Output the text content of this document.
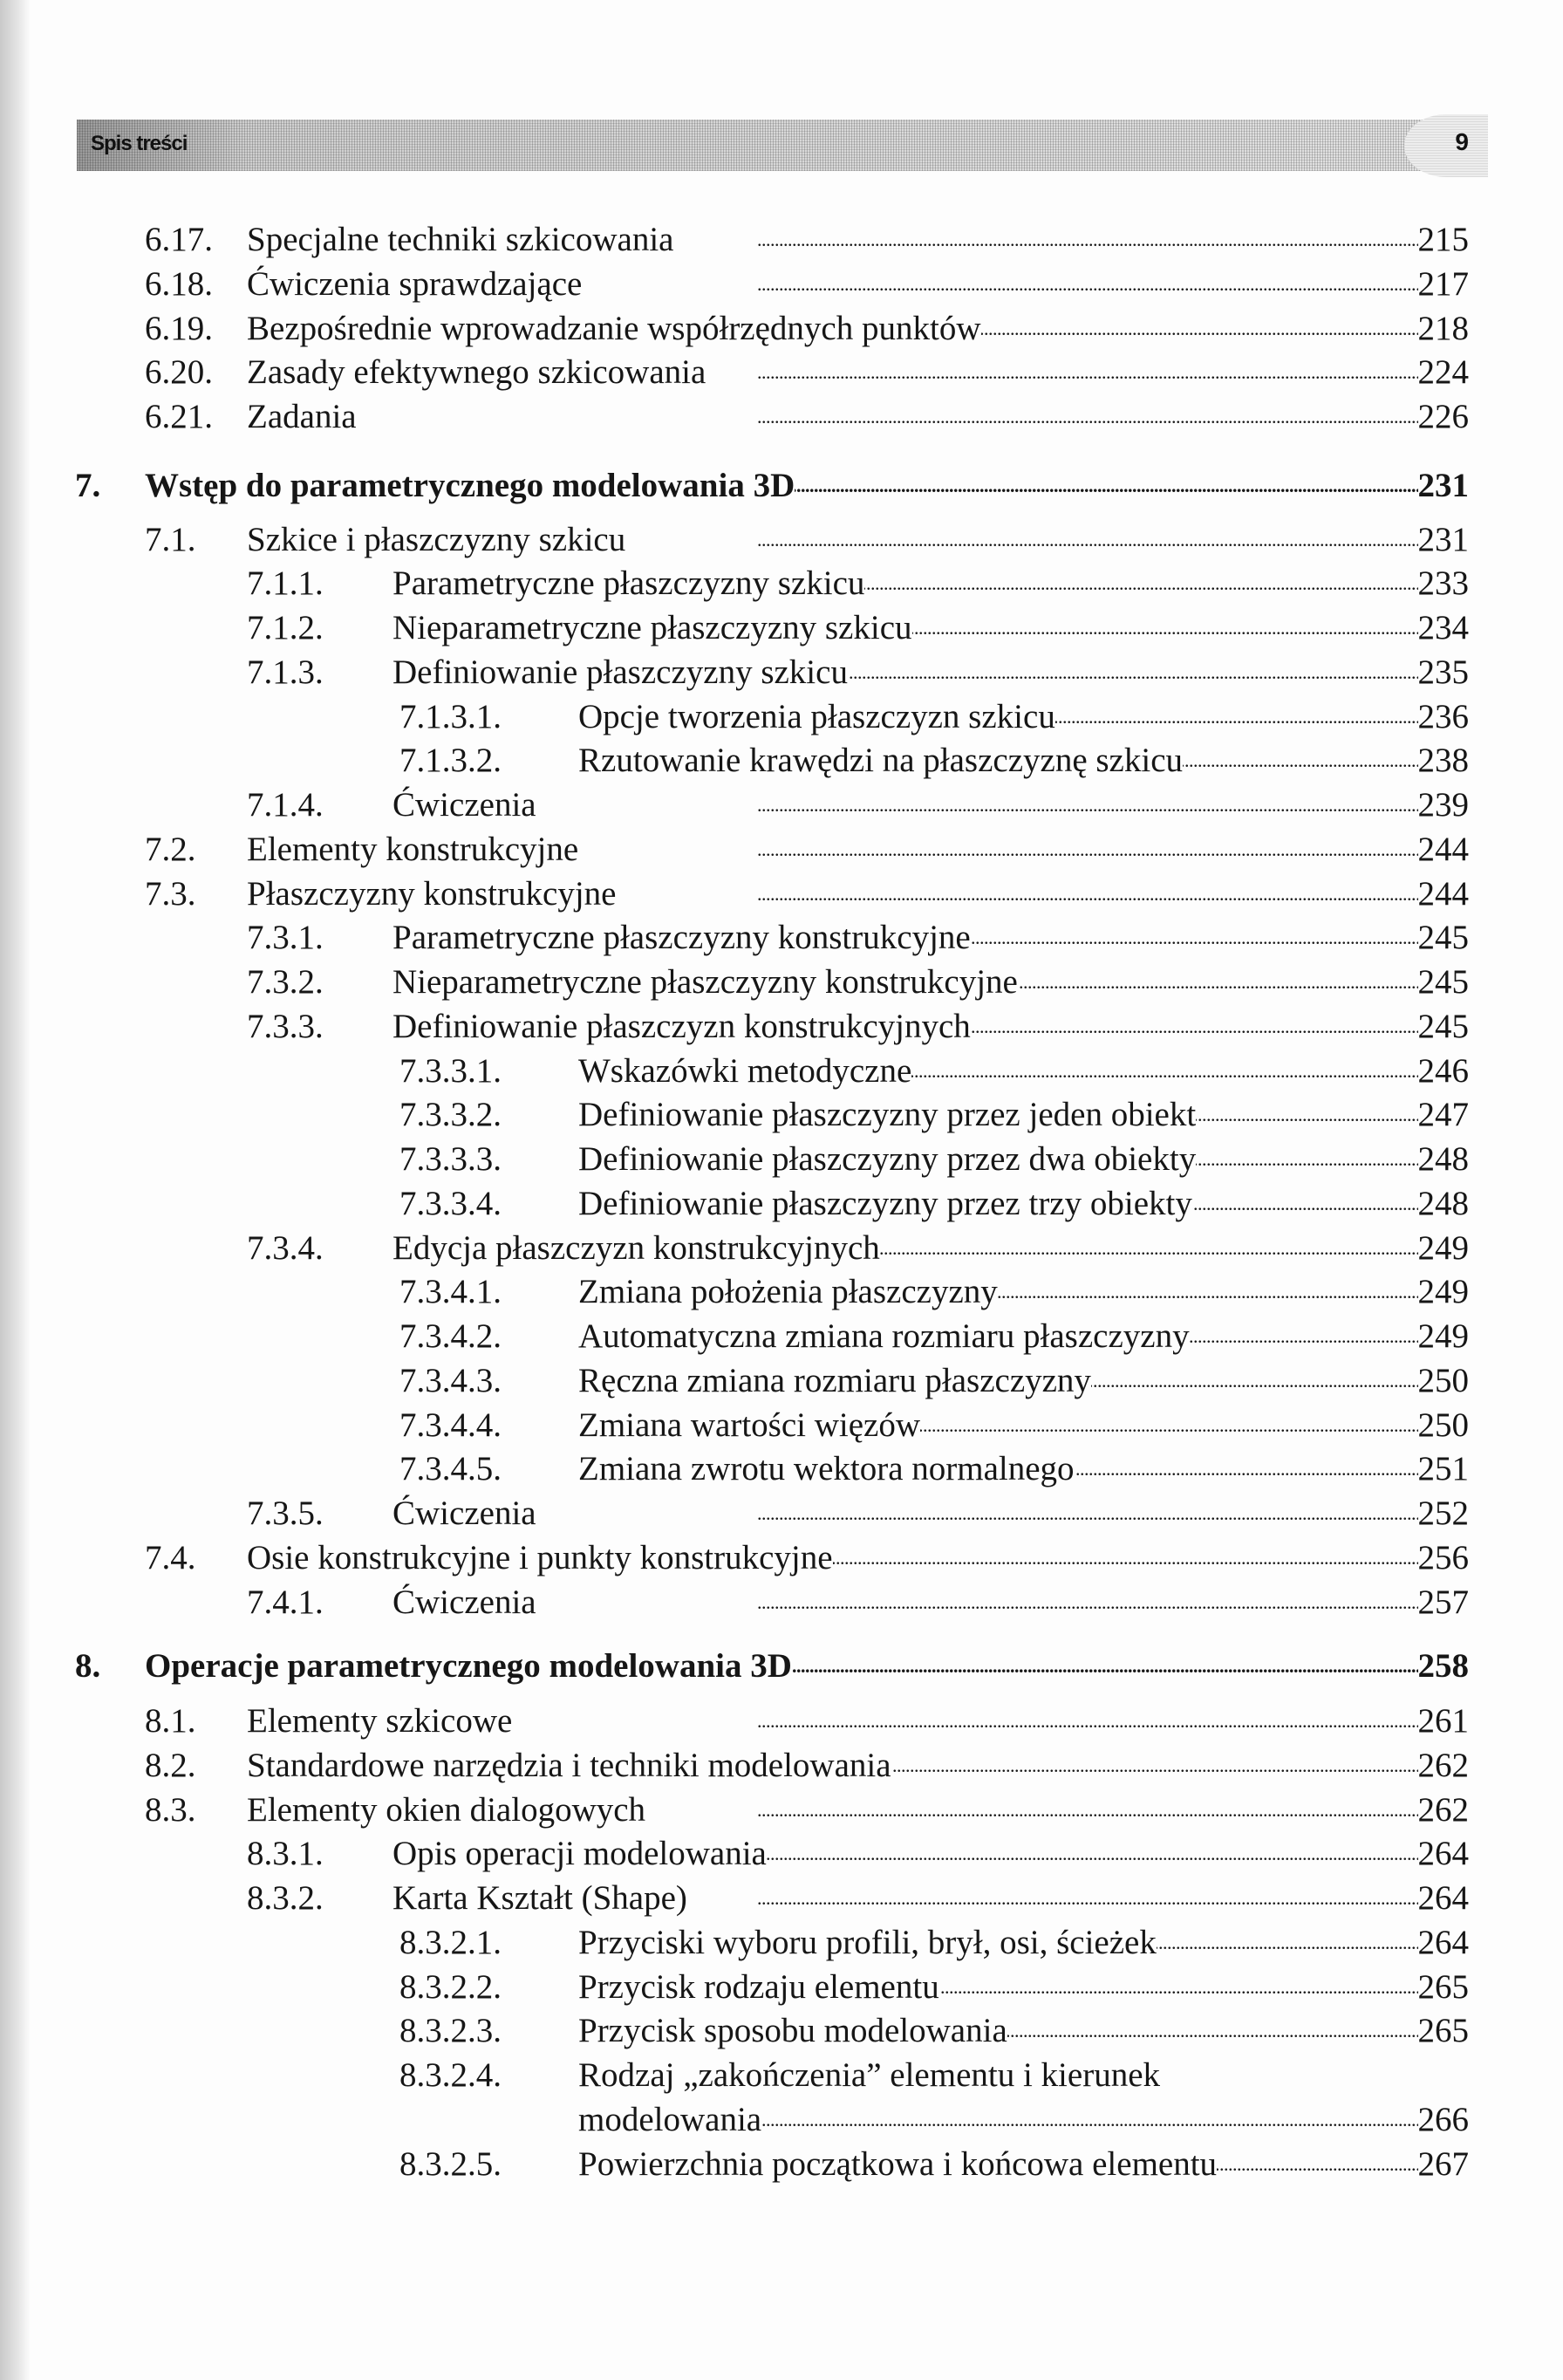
Spis treści	9
6.17. Specjalne techniki szkicowania . . .	215
6.18. Ćwiczenia sprawdzające . . .	217
6.19. Bezpośrednie wprowadzanie współrzędnych punktów . . .	218
6.20. Zasady efektywnego szkicowania . . .	224
6.21. Zadania . . .	226
7. Wstęp do parametrycznego modelowania 3D . . .	231
7.1. Szkice i płaszczyzny szkicu . . .	231
7.1.1. Parametryczne płaszczyzny szkicu . . .	233
7.1.2. Nieparametryczne płaszczyzny szkicu . . .	234
7.1.3. Definiowanie płaszczyzny szkicu . . .	235
7.1.3.1. Opcje tworzenia płaszczyzn szkicu . . .	236
7.1.3.2. Rzutowanie krawędzi na płaszczyznę szkicu . . .	238
7.1.4. Ćwiczenia . . .	239
7.2. Elementy konstrukcyjne . . .	244
7.3. Płaszczyzny konstrukcyjne . . .	244
7.3.1. Parametryczne płaszczyzny konstrukcyjne . . .	245
7.3.2. Nieparametryczne płaszczyzny konstrukcyjne . . .	245
7.3.3. Definiowanie płaszczyzn konstrukcyjnych . . .	245
7.3.3.1. Wskazówki metodyczne . . .	246
7.3.3.2. Definiowanie płaszczyzny przez jeden obiekt . . .	247
7.3.3.3. Definiowanie płaszczyzny przez dwa obiekty . . .	248
7.3.3.4. Definiowanie płaszczyzny przez trzy obiekty . . .	248
7.3.4. Edycja płaszczyzn konstrukcyjnych . . .	249
7.3.4.1. Zmiana położenia płaszczyzny . . .	249
7.3.4.2. Automatyczna zmiana rozmiaru płaszczyzny . . .	249
7.3.4.3. Ręczna zmiana rozmiaru płaszczyzny . . .	250
7.3.4.4. Zmiana wartości więzów . . .	250
7.3.4.5. Zmiana zwrotu wektora normalnego . . .	251
7.3.5. Ćwiczenia . . .	252
7.4. Osie konstrukcyjne i punkty konstrukcyjne . . .	256
7.4.1. Ćwiczenia . . .	257
8. Operacje parametrycznego modelowania 3D . . .	258
8.1. Elementy szkicowe . . .	261
8.2. Standardowe narzędzia i techniki modelowania . . .	262
8.3. Elementy okien dialogowych . . .	262
8.3.1. Opis operacji modelowania . . .	264
8.3.2. Karta Kształt (Shape) . . .	264
8.3.2.1. Przyciski wyboru profili, brył, osi, ścieżek . . .	264
8.3.2.2. Przycisk rodzaju elementu . . .	265
8.3.2.3. Przycisk sposobu modelowania . . .	265
8.3.2.4. Rodzaj „zakończenia” elementu i kierunek
modelowania . . .	266
8.3.2.5. Powierzchnia początkowa i końcowa elementu . . .	267
